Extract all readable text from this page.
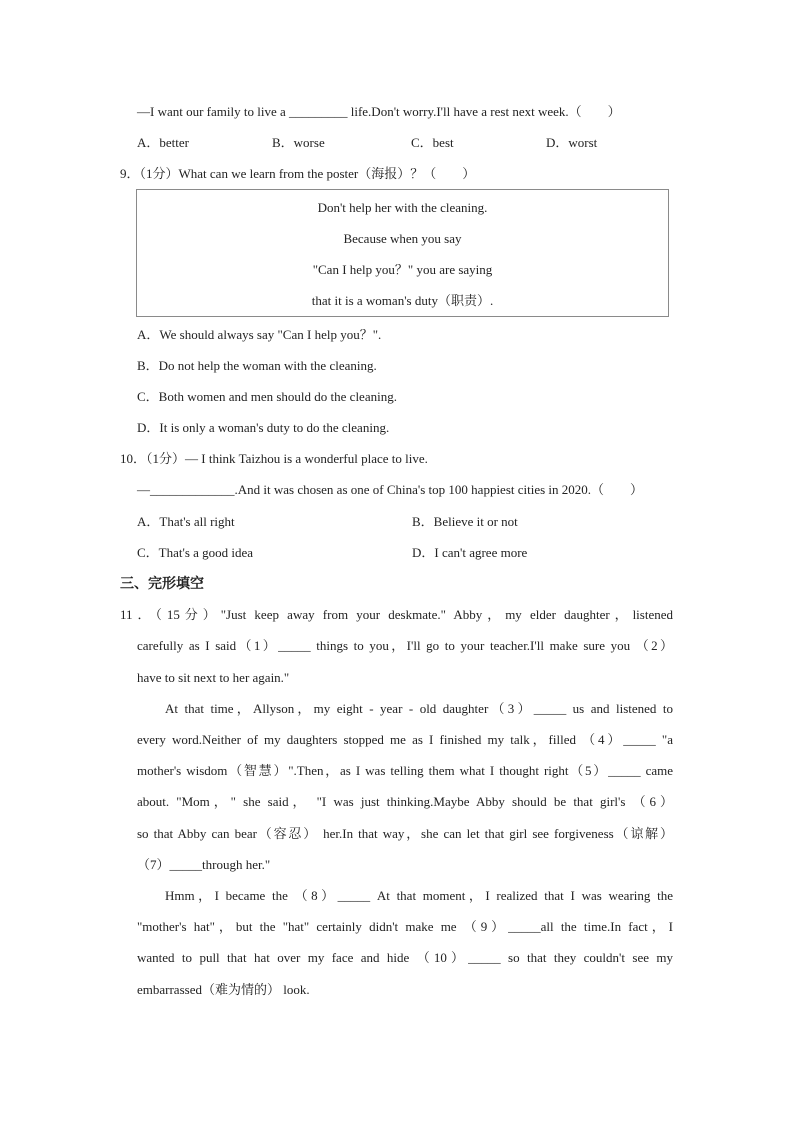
—I want our family to live a _________ life.Don't worry.I'll have a rest next week.（　　）
A．better	B．worse	C．best	D．worst
9．（1分）What can we learn from the poster（海报）？（　　）
Don't help her with the cleaning.
Because when you say
"Can I help you？" you are saying
that it is a woman's duty（职责）.
A．We should always say "Can I help you？".
B．Do not help the woman with the cleaning.
C．Both women and men should do the cleaning.
D．It is only a woman's duty to do the cleaning.
10．（1分）— I think Taizhou is a wonderful place to live.
—_____________.And it was chosen as one of China's top 100 happiest cities in 2020.（　　）
A．That's all right	B．Believe it or not
C．That's a good idea	D．I can't agree more
三、完形填空
11．（15分）"Just keep away from your deskmate." Abby，my elder daughter，listened
carefully as I said（1）_____ things to you，I'll go to your teacher.I'll make sure you （2）
have to sit next to her again."
At that time，Allyson，my eight - year - old daughter（3）_____ us and listened to
every word.Neither of my daughters stopped me as I finished my talk，filled （4）_____ "a
mother's wisdom（智慧）".Then，as I was telling them what I thought right（5）_____ came
about. "Mom，" she said， "I was just thinking.Maybe Abby should be that girl's （6）
so that Abby can bear（容忍） her.In that way，she can let that girl see forgiveness（谅解）
（7）_____through her."
Hmm，I became the （8）_____ At that moment，I realized that I was wearing the
"mother's hat"，but the "hat" certainly didn't make me （9）_____all the time.In fact，I
wanted to pull that hat over my face and hide （10）_____ so that they couldn't see my
embarrassed（难为情的） look.
